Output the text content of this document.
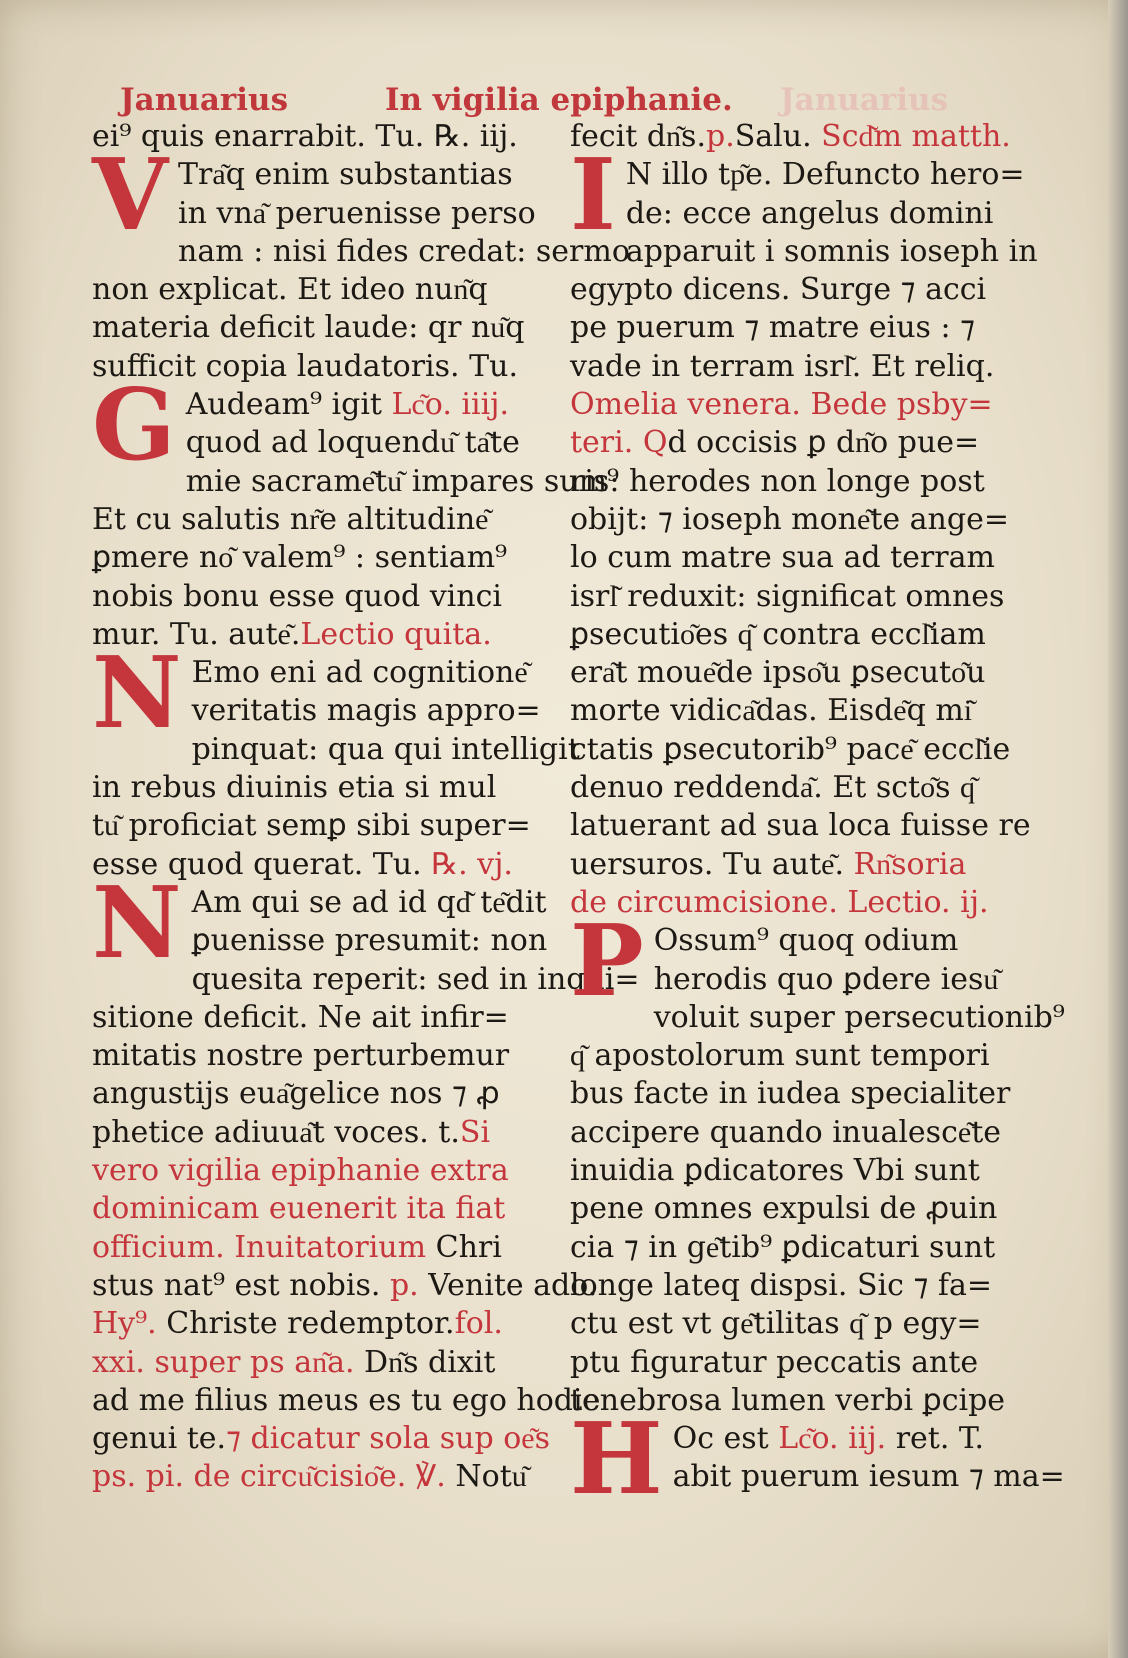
Januarius	In vigilia epiphanie. Januarius
ei⁹ quis enarrabit. Tu. ℞. iij.
V Tra͂q enim substantias
in vna͂ peruenisse perso
nam : nisi fides credat: sermo
non explicat. Et ideo nun͂q
materia deficit laude: qr nu͂q
sufficit copia laudatoris. Tu.
G Audeam⁹ igit Lc͂o. iiij.
quod ad loquendu͂ ta͂te
mie sacrame͂tu͂ impares sum⁹
Et cu salutis nr͂e altitudine͂
ꝑmere no͂ valem⁹ : sentiam⁹
nobis bonu esse quod vinci
mur. Tu. aute͂.Lectio quita.
N Emo eni ad cognitione͂
veritatis magis appro=
pinquat: qua qui intelligit
in rebus diuinis etia si mul
tu͂ proficiat semꝑ sibi super=
esse quod querat. Tu. ℞. vj.
N Am qui se ad id qd͂ te͂dit
ꝑuenisse presumit: non
quesita reperit: sed in inqui=
sitione deficit. Ne ait infir=
mitatis nostre perturbemur
angustijs eua͂gelice nos ⁊ ꝓ
phetice adiuua͂t voces. t.Si
vero vigilia epiphanie extra
dominicam euenerit ita fiat
officium. Inuitatorium Chri
stus nat⁹ est nobis. p. Venite ado.
Hy⁹. Christe redemptor.fol.
xxi. super ps an͂a. Dn͂s dixit
ad me filius meus es tu ego hodie
genui te.⁊ dicatur sola sup oe͂s
ps. pi. de circu͂cisio͂e. ℣. Notu͂
fecit dn͂s.p.Salu. Scd͂m matth.
I N illo tp͂e. Defuncto hero=
de: ecce angelus domini
apparuit i somnis ioseph in
egypto dicens. Surge ⁊ acci
pe puerum ⁊ matre eius : ⁊
vade in terram isrl͂. Et reliq.
Omelia venera. Bede psby=
teri. Qd occisis ꝑ dn͂o pue=
ris: herodes non longe post
obijt: ⁊ ioseph mone͂te ange=
lo cum matre sua ad terram
isrl͂ reduxit: significat omnes
ꝑsecutio͂es q͂ contra eccl͂iam
era͂t moue͂de ipso͂u ꝑsecuto͂u
morte vidica͂das. Eisde͂q mi͂
ctatis ꝑsecutorib⁹ pace͂ eccl͂ie
denuo reddenda͂. Et scto͂s q͂
latuerant ad sua loca fuisse re
uersuros. Tu aute͂. Rn͂soria
de circumcisione. Lectio. ij.
P Ossum⁹ quoq odium
herodis quo ꝑdere iesu͂
voluit super persecutionib⁹
q͂ apostolorum sunt tempori
bus facte in iudea specialiter
accipere quando inualesce͂te
inuidia ꝑdicatores Vbi sunt
pene omnes expulsi de ꝓuin
cia ⁊ in ge͂tib⁹ ꝑdicaturi sunt
longe lateq dispsi. Sic ⁊ fa=
ctu est vt ge͂tilitas q͂ p egy=
ptu figuratur peccatis ante
tenebrosa lumen verbi ꝑcipe
H Oc est Lc͂o. iij. ret. T.
abit puerum iesum ⁊ ma=
